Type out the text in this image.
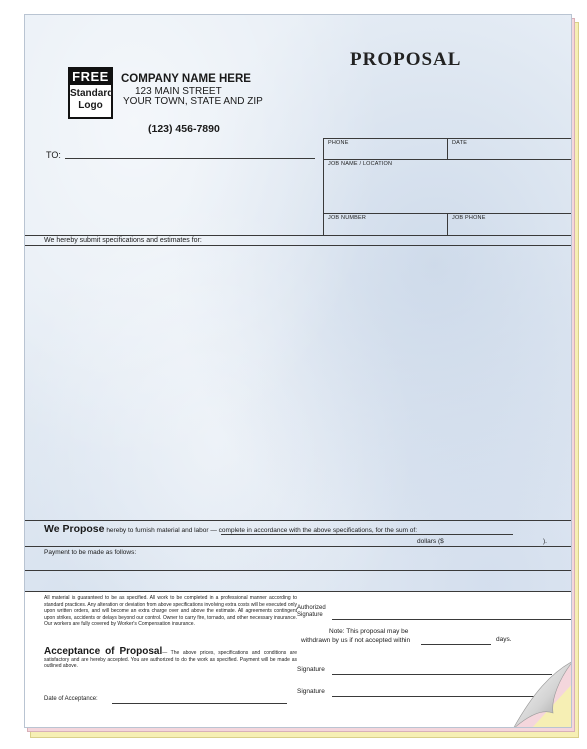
PROPOSAL
FREE
Standard
Logo
COMPANY NAME HERE
123 MAIN STREET
YOUR TOWN, STATE AND ZIP
(123) 456-7890
TO:
PHONE	DATE
JOB NAME / LOCATION
JOB NUMBER	JOB PHONE
We hereby submit specifications and estimates for:
We Propose hereby to furnish material and labor — complete in accordance with the above specifications, for the sum of:
dollars ($	).
Payment to be made as follows:
All material is guaranteed to be as specified. All work to be completed in a professional manner according to standard practices. Any alteration or deviation from above specifications involving extra costs will be executed only upon written orders, and will become an extra charge over and above the estimate. All agreements contingent upon strikes, accidents or delays beyond our control. Owner to carry fire, tornado, and other necessary insurance. Our workers are fully covered by Worker's Compensation insurance.
Authorized
Signature
Note: This proposal may be
withdrawn by us if not accepted within	days.
Acceptance of Proposal— The above prices, specifications and conditions are satisfactory and are hereby accepted. You are authorized to do the work as specified. Payment will be made as outlined above.	Signature
Signature
Date of Acceptance:
